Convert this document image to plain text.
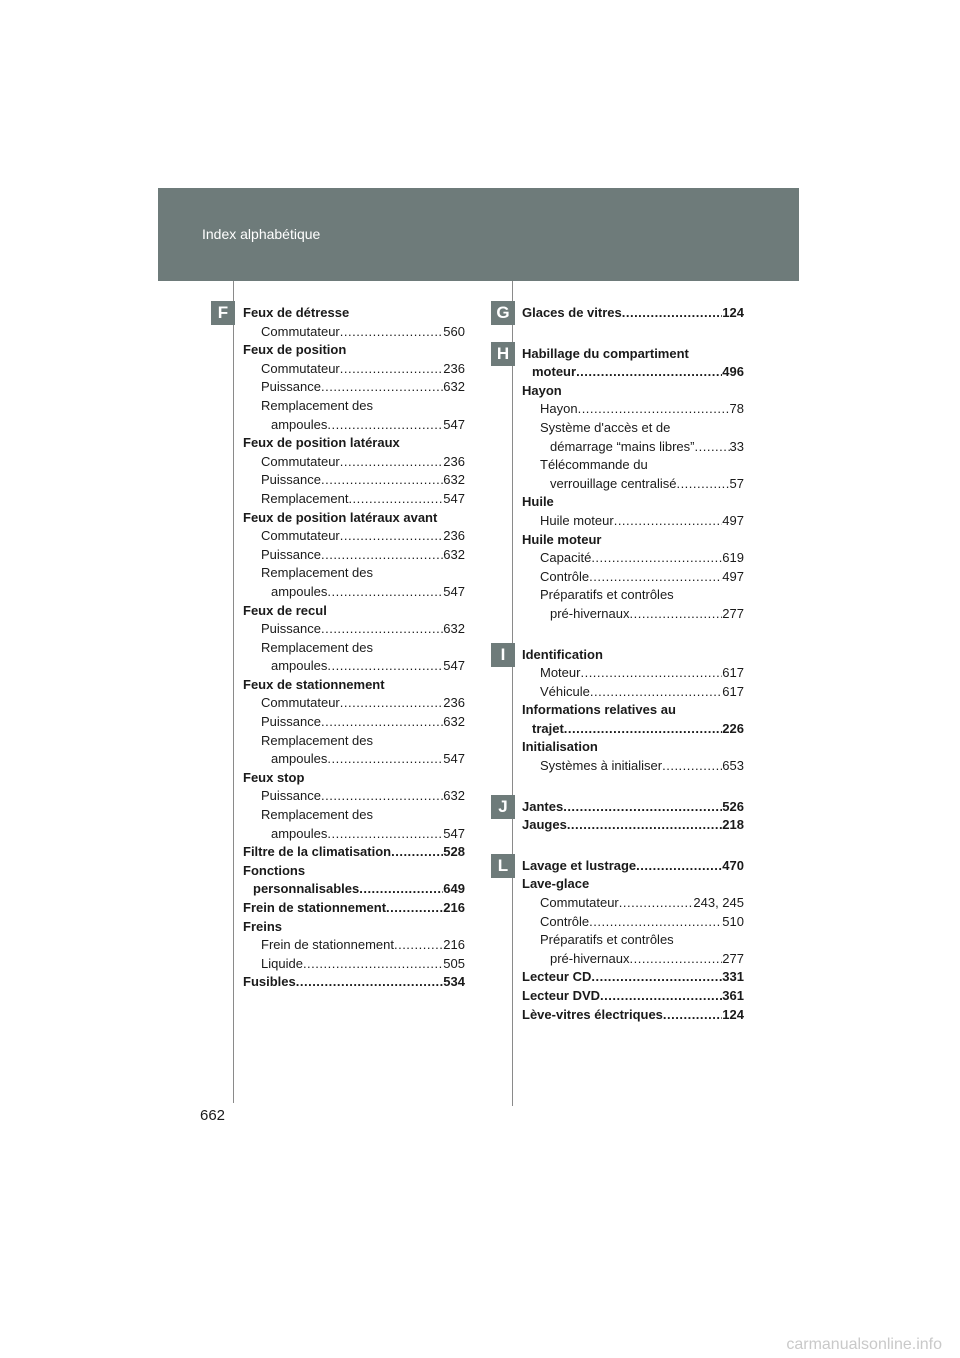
Index alphabétique
662
Feux de détresse
Commutateur .....	560
Feux de position
Commutateur .....	236
Puissance .....	632
Remplacement des
ampoules .....	547
Feux de position latéraux
Commutateur .....	236
Puissance .....	632
Remplacement .....	547
Feux de position latéraux avant
Commutateur .....	236
Puissance .....	632
Remplacement des
ampoules .....	547
Feux de recul
Puissance .....	632
Remplacement des
ampoules .....	547
Feux de stationnement
Commutateur .....	236
Puissance .....	632
Remplacement des
ampoules .....	547
Feux stop
Puissance .....	632
Remplacement des
ampoules .....	547
Filtre de la climatisation .....	528
Fonctions
personnalisables .....	649
Frein de stationnement .....	216
Freins
Frein de stationnement .....	216
Liquide .....	505
Fusibles .....	534
Glaces de vitres .....	124
Habillage du compartiment
moteur .....	496
Hayon
Hayon .....	78
Système d'accès et de
démarrage “mains libres” .....	33
Télécommande du
verrouillage centralisé .....	57
Huile
Huile moteur .....	497
Huile moteur
Capacité .....	619
Contrôle .....	497
Préparatifs et contrôles
pré-hivernaux .....	277
Identification
Moteur .....	617
Véhicule .....	617
Informations relatives au
trajet .....	226
Initialisation
Systèmes à initialiser .....	653
Jantes .....	526
Jauges .....	218
Lavage et lustrage .....	470
Lave-glace
Commutateur .....	243, 245
Contrôle .....	510
Préparatifs et contrôles
pré-hivernaux .....	277
Lecteur CD .....	331
Lecteur DVD .....	361
Lève-vitres électriques .....	124
carmanualsonline.info
F	G
H
I
J
L
